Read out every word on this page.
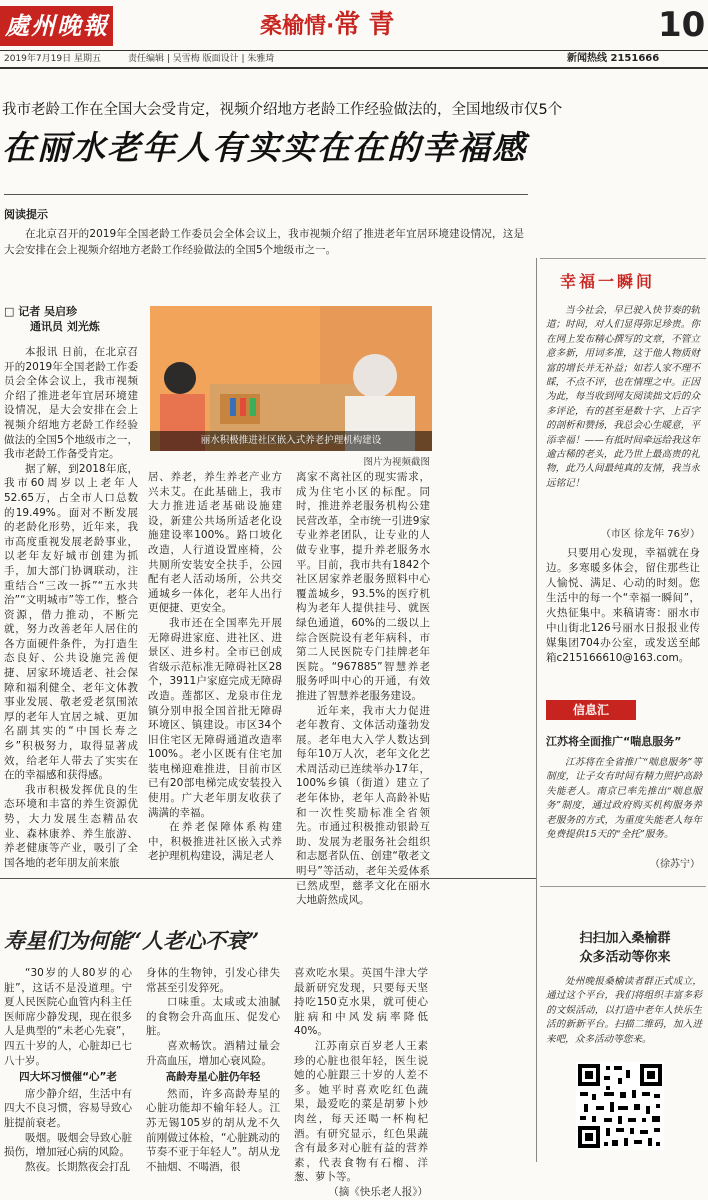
處州晚報	桑榆情·常青	10
2019年7月19日 星期五	责任编辑 | 吴雪梅 版面设计 | 朱雅琦	新闻热线 2151666
我市老龄工作在全国大会受肯定，视频介绍地方老龄工作经验做法的，全国地级市仅5个
在丽水老年人有实实在在的幸福感
阅读提示
在北京召开的2019年全国老龄工作委员会全体会议上，我市视频介绍了推进老年宜居环境建设情况，这是大会安排在会上视频介绍地方老龄工作经验做法的全国5个地级市之一。
□ 记者 吴启珍
通讯员 刘光炼
丽水积极推进社区嵌入式养老护理机构建设
图片为视频截图

本报讯 日前，在北京召开的2019年全国老龄工作委员会全体会议上，我市视频介绍了推进老年宜居环境建设情况，是大会安排在会上视频介绍地方老龄工作经验做法的全国5个地级市之一，我市老龄工作备受肯定。

据了解，到2018年底，我市60周岁以上老年人52.65万，占全市人口总数的19.49%。面对不断发展的老龄化形势，近年来，我市高度重视发展老龄事业，以老年友好城市创建为抓手，加大部门协调联动，注重结合“三改一拆”“五水共治”“文明城市”等工作，整合资源，借力推动，不断完就，努力改善老年人居住的各方面硬件条件，为打造生态良好、公共设施完善便捷、居家环境适老、社会保障和福利健全、老年文体教事业发展、敬老爱老氛围浓厚的老年人宜居之城、更加名副其实的“中国长寿之乡”积极努力，取得显著成效，给老年人带去了实实在在的幸福感和获得感。

我市积极发挥优良的生态环境和丰富的养生资源优势，大力发展生态精品农业、森林康养、养生旅游、养老健康等产业，吸引了全国各地的老年朋友前来旅

居、养老，养生养老产业方兴未艾。在此基础上，我市大力推进适老基础设施建设，新建公共场所适老化设施建设率100%。路口坡化改造，人行道设置座椅，公共厕所安装安全扶手，公园配有老人活动场所，公共交通城乡一体化，老年人出行更便捷、更安全。

我市还在全国率先开展无障碍进家庭、进社区、进景区、进乡村。全市已创成省级示范标准无障碍社区28个，3911户家庭完成无障碍改造。莲都区、龙泉市住龙镇分别申报全国首批无障碍环境区、镇建设。市区34个旧住宅区无障碍通道改造率100%。老小区既有住宅加装电梯迎难推进，目前市区已有20部电梯完成安装投入使用。广大老年朋友收获了满满的幸福。

在养老保障体系构建中，积极推进社区嵌入式养老护理机构建设，满足老人

离家不离社区的现实需求，成为住宅小区的标配。同时，推进养老服务机构公建民营改革，全市统一引进9家专业养老团队，让专业的人做专业事，提升养老服务水平。目前，我市共有1842个社区居家养老服务照料中心覆盖城乡，93.5%的医疗机构为老年人提供挂号、就医绿色通道，60%的二级以上综合医院设有老年病科，市第二人民医院专门挂牌老年医院。“967885”智慧养老服务呼叫中心的开通，有效推进了智慧养老服务建设。

近年来，我市大力促进老年教育、文体活动蓬勃发展。老年电大入学人数达到每年10万人次，老年文化艺术周活动已连续举办17年，100%乡镇（街道）建立了老年体协，老年人高龄补贴和一次性奖励标准全省领先。市通过积极推动银龄互助、发展为老服务社会组织和志愿者队伍、创建“敬老文明号”等活动，老年关爱体系已然成型，慈孝文化在丽水大地蔚然成风。

幸福一瞬间
当今社会，早已驶入快节奏的轨道；时间，对人们显得弥足珍贵。你在网上发布精心撰写的文章，不管立意多新，用词多准，这于他人物质财富的增长并无补益；如若人家不理不睬，不点不评，也在情理之中。正因为此，每当收到网友阅读拙文后的众多评论，有的甚至是数十字、上百字的剖析和赞扬，我总会心生暖意，平添幸福！——有抵时间牵远给我这年逾古稀的老头，此乃世上最高贵的礼物，此乃人间最纯真的友情，我当永远铭记！
（市区 徐龙年 76岁）
只要用心发现，幸福就在身边。多寒暖多体会，留住那些让人愉悦、满足、心动的时刻。您生活中的每一个“幸福一瞬间”，火热征集中。来稿请寄：丽水市中山街北126号丽水日报报业传媒集团704办公室，或发送至邮箱c215166610@163.com。
信息汇
江苏将全面推广“喘息服务”
江苏将在全省推广“喘息服务”等制度，让子女有时间有精力照护高龄失能老人。南京已率先推出“喘息服务”制度，通过政府购买机构服务养老服务的方式，为重度失能老人每年免费提供15天的“全托”服务。
（徐苏宁）
寿星们为何能“人老心不衰”

“30岁的人80岁的心脏”，这话不是没道理。宁夏人民医院心血管内科主任医师席少静发现，现在很多人是典型的“未老心先衰”，四五十岁的人，心脏却已七八十岁。

四大坏习惯催“心”老

席少静介绍，生活中有四大不良习惯，容易导致心脏提前衰老。

吸烟。吸烟会导致心脏损伤，增加冠心病的风险。

熬夜。长期熬夜会打乱

身体的生物钟，引发心律失常甚至引发猝死。

口味重。太咸或太油腻的食物会升高血压、促发心脏。

喜欢畅饮。酒精过量会升高血压，增加心衰风险。

高龄寿星心脏仍年轻

然而，许多高龄寿星的心脏功能却不输年轻人。江苏无锡105岁的胡从龙不久前刚做过体检，“心脏跳动的节奏不亚于年轻人”。胡从龙不抽烟、不喝酒，很

喜欢吃水果。英国牛津大学最新研究发现，只要每天坚持吃150克水果，就可使心脏病和中风发病率降低40%。

江苏南京百岁老人王素珍的心脏也很年轻，医生说她的心脏跟三十岁的人差不多。她平时喜欢吃红色蔬果，最爱吃的菜是胡萝卜炒肉丝，每天还喝一杯枸杞酒。有研究显示，红色果蔬含有最多对心脏有益的营养素，代表食物有石榴、洋葱、萝卜等。

（摘《快乐老人报》）

扫扫加入桑榆群
众多活动等你来
处州晚报桑榆读者群正式成立，通过这个平台，我们将组织丰富多彩的文娱活动，以打造中老年人快乐生活的新新平台。扫描二维码，加入进来吧，众多活动等您来。
